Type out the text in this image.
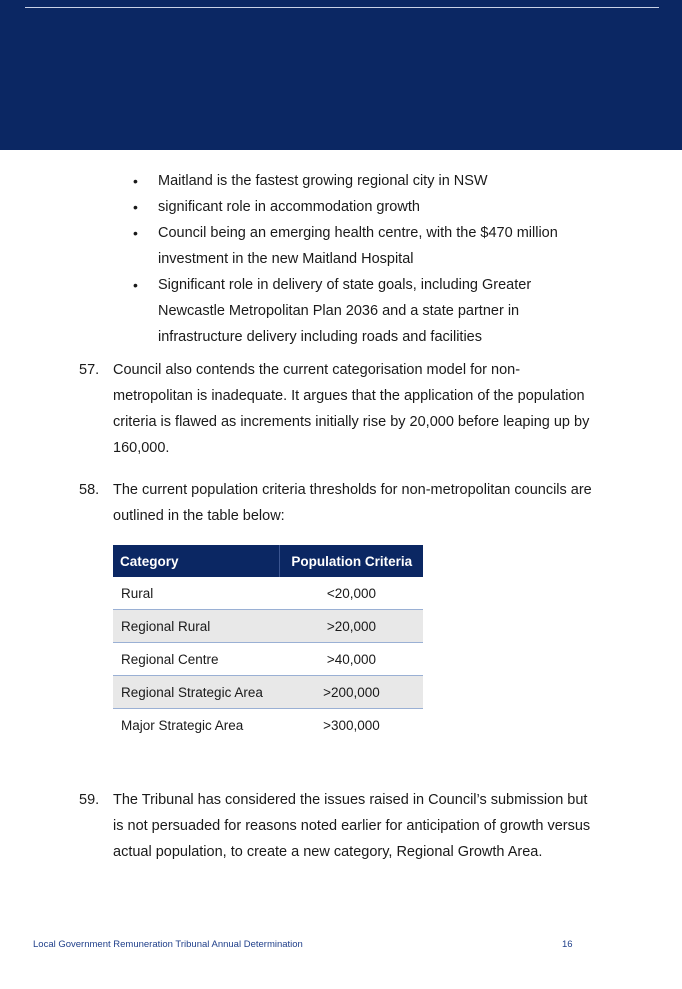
• Maitland is the fastest growing regional city in NSW
• significant role in accommodation growth
• Council being an emerging health centre, with the $470 million
investment in the new Maitland Hospital
• Significant role in delivery of state goals, including Greater
Newcastle Metropolitan Plan 2036 and a state partner in
infrastructure delivery including roads and facilities
57. Council also contends the current categorisation model for non-
metropolitan is inadequate. It argues that the application of the population
criteria is flawed as increments initially rise by 20,000 before leaping up by
160,000.
58. The current population criteria thresholds for non-metropolitan councils are
outlined in the table below:
Category	Population Criteria
Rural	<20,000
Regional Rural	>20,000
Regional Centre	>40,000
Regional Strategic Area	>200,000
Major Strategic Area	>300,000
59. The Tribunal has considered the issues raised in Council’s submission but
is not persuaded for reasons noted earlier for anticipation of growth versus
actual population, to create a new category, Regional Growth Area.
Local Government Remuneration Tribunal Annual Determination	16
